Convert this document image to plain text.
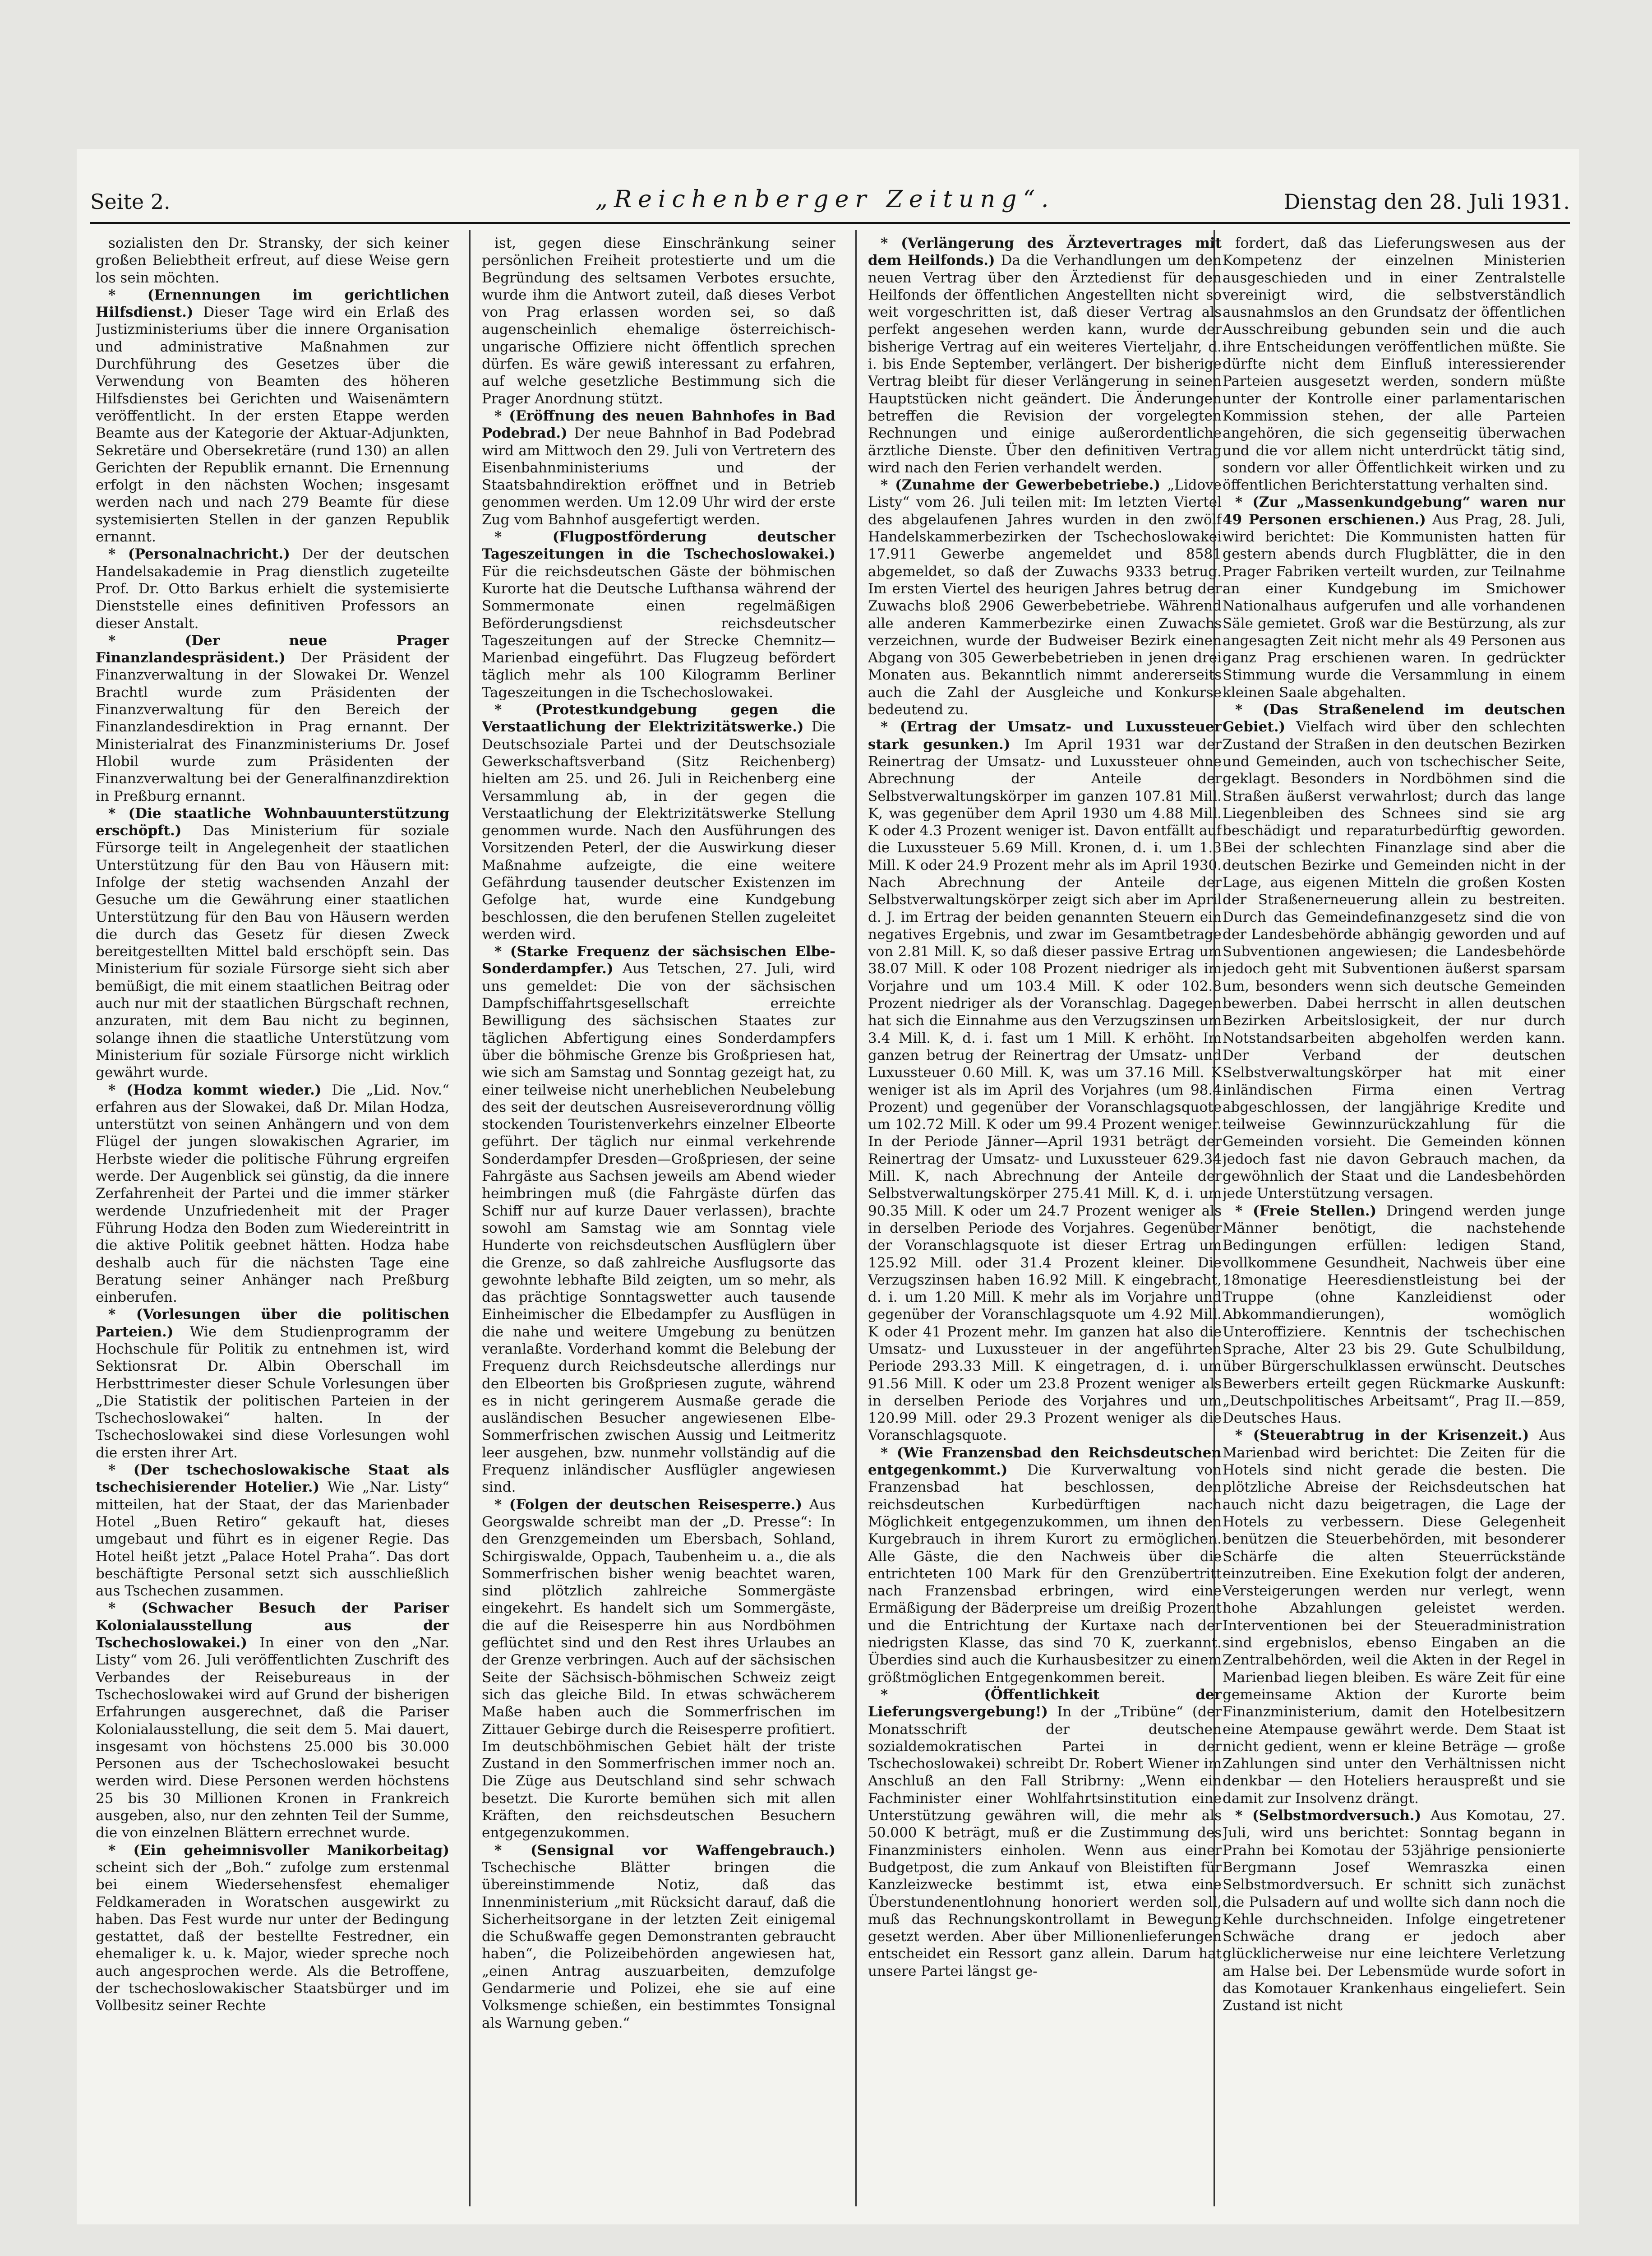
Seite 2.	„Reichenberger Zeitung“.	Dienstag den 28. Juli 1931.

sozialisten den Dr. Stransky, der sich keiner großen Beliebtheit erfreut, auf diese Weise gern los sein möchten.

* (Ernennungen im gerichtlichen Hilfsdienst.) Dieser Tage wird ein Erlaß des Justizministeriums über die innere Organisation und administrative Maßnahmen zur Durchführung des Gesetzes über die Verwendung von Beamten des höheren Hilfsdienstes bei Gerichten und Waisenämtern veröffentlicht. In der ersten Etappe werden Beamte aus der Kategorie der Aktuar-Adjunkten, Sekretäre und Obersekretäre (rund 130) an allen Gerichten der Republik ernannt. Die Ernennung erfolgt in den nächsten Wochen; insgesamt werden nach und nach 279 Beamte für diese systemisierten Stellen in der ganzen Republik ernannt.

* (Personalnachricht.) Der der deutschen Handelsakademie in Prag dienstlich zugeteilte Prof. Dr. Otto Barkus erhielt die systemisierte Dienststelle eines definitiven Professors an dieser Anstalt.

* (Der neue Prager Finanzlandespräsident.) Der Präsident der Finanzverwaltung in der Slowakei Dr. Wenzel Brachtl wurde zum Präsidenten der Finanzverwaltung für den Bereich der Finanzlandesdirektion in Prag ernannt. Der Ministerialrat des Finanzministeriums Dr. Josef Hlobil wurde zum Präsidenten der Finanzverwaltung bei der Generalfinanzdirektion in Preßburg ernannt.

* (Die staatliche Wohnbauunterstützung erschöpft.) Das Ministerium für soziale Fürsorge teilt in Angelegenheit der staatlichen Unterstützung für den Bau von Häusern mit: Infolge der stetig wachsenden Anzahl der Gesuche um die Gewährung einer staatlichen Unterstützung für den Bau von Häusern werden die durch das Gesetz für diesen Zweck bereitgestellten Mittel bald erschöpft sein. Das Ministerium für soziale Fürsorge sieht sich aber bemüßigt, die mit einem staatlichen Beitrag oder auch nur mit der staatlichen Bürgschaft rechnen, anzuraten, mit dem Bau nicht zu beginnen, solange ihnen die staatliche Unterstützung vom Ministerium für soziale Fürsorge nicht wirklich gewährt wurde.

* (Hodza kommt wieder.) Die „Lid. Nov.“ erfahren aus der Slowakei, daß Dr. Milan Hodza, unterstützt von seinen Anhängern und von dem Flügel der jungen slowakischen Agrarier, im Herbste wieder die politische Führung ergreifen werde. Der Augenblick sei günstig, da die innere Zerfahrenheit der Partei und die immer stärker werdende Unzufriedenheit mit der Prager Führung Hodza den Boden zum Wiedereintritt in die aktive Politik geebnet hätten. Hodza habe deshalb auch für die nächsten Tage eine Beratung seiner Anhänger nach Preßburg einberufen.

* (Vorlesungen über die politischen Parteien.) Wie dem Studienprogramm der Hochschule für Politik zu entnehmen ist, wird Sektionsrat Dr. Albin Oberschall im Herbsttrimester dieser Schule Vorlesungen über „Die Statistik der politischen Parteien in der Tschechoslowakei“ halten. In der Tschechoslowakei sind diese Vorlesungen wohl die ersten ihrer Art.

* (Der tschechoslowakische Staat als tschechisierender Hotelier.) Wie „Nar. Listy“ mitteilen, hat der Staat, der das Marienbader Hotel „Buen Retiro“ gekauft hat, dieses umgebaut und führt es in eigener Regie. Das Hotel heißt jetzt „Palace Hotel Praha“. Das dort beschäftigte Personal setzt sich ausschließlich aus Tschechen zusammen.

* (Schwacher Besuch der Pariser Kolonialausstellung aus der Tschechoslowakei.) In einer von den „Nar. Listy“ vom 26. Juli veröffentlichten Zuschrift des Verbandes der Reisebureaus in der Tschechoslowakei wird auf Grund der bisherigen Erfahrungen ausgerechnet, daß die Pariser Kolonialausstellung, die seit dem 5. Mai dauert, insgesamt von höchstens 25.000 bis 30.000 Personen aus der Tschechoslowakei besucht werden wird. Diese Personen werden höchstens 25 bis 30 Millionen Kronen in Frankreich ausgeben, also, nur den zehnten Teil der Summe, die von einzelnen Blättern errechnet wurde.

* (Ein geheimnisvoller Manikorbeitag) scheint sich der „Boh.“ zufolge zum erstenmal bei einem Wiedersehensfest ehemaliger Feldkameraden in Woratschen ausgewirkt zu haben. Das Fest wurde nur unter der Bedingung gestattet, daß der bestellte Festredner, ein ehemaliger k. u. k. Major, wieder spreche noch auch angesprochen werde. Als die Betroffene, der tschechoslowakischer Staatsbürger und im Vollbesitz seiner Rechte

ist, gegen diese Einschränkung seiner persönlichen Freiheit protestierte und um die Begründung des seltsamen Verbotes ersuchte, wurde ihm die Antwort zuteil, daß dieses Verbot von Prag erlassen worden sei, so daß augenscheinlich ehemalige österreichisch-ungarische Offiziere nicht öffentlich sprechen dürfen. Es wäre gewiß interessant zu erfahren, auf welche gesetzliche Bestimmung sich die Prager Anordnung stützt.

* (Eröffnung des neuen Bahnhofes in Bad Podebrad.) Der neue Bahnhof in Bad Podebrad wird am Mittwoch den 29. Juli von Vertretern des Eisenbahnministeriums und der Staatsbahndirektion eröffnet und in Betrieb genommen werden. Um 12.09 Uhr wird der erste Zug vom Bahnhof ausgefertigt werden.

* (Flugpostförderung deutscher Tageszeitungen in die Tschechoslowakei.) Für die reichsdeutschen Gäste der böhmischen Kurorte hat die Deutsche Lufthansa während der Sommermonate einen regelmäßigen Beförderungsdienst reichsdeutscher Tageszeitungen auf der Strecke Chemnitz—Marienbad eingeführt. Das Flugzeug befördert täglich mehr als 100 Kilogramm Berliner Tageszeitungen in die Tschechoslowakei.

* (Protestkundgebung gegen die Verstaatlichung der Elektrizitätswerke.) Die Deutschsoziale Partei und der Deutschsoziale Gewerkschaftsverband (Sitz Reichenberg) hielten am 25. und 26. Juli in Reichenberg eine Versammlung ab, in der gegen die Verstaatlichung der Elektrizitätswerke Stellung genommen wurde. Nach den Ausführungen des Vorsitzenden Peterl, der die Auswirkung dieser Maßnahme aufzeigte, die eine weitere Gefährdung tausender deutscher Existenzen im Gefolge hat, wurde eine Kundgebung beschlossen, die den berufenen Stellen zugeleitet werden wird.

* (Starke Frequenz der sächsischen Elbe-Sonderdampfer.) Aus Tetschen, 27. Juli, wird uns gemeldet: Die von der sächsischen Dampfschiffahrtsgesellschaft erreichte Bewilligung des sächsischen Staates zur täglichen Abfertigung eines Sonderdampfers über die böhmische Grenze bis Großpriesen hat, wie sich am Samstag und Sonntag gezeigt hat, zu einer teilweise nicht unerheblichen Neubelebung des seit der deutschen Ausreiseverordnung völlig stockenden Touristenverkehrs einzelner Elbeorte geführt. Der täglich nur einmal verkehrende Sonderdampfer Dresden—Großpriesen, der seine Fahrgäste aus Sachsen jeweils am Abend wieder heimbringen muß (die Fahrgäste dürfen das Schiff nur auf kurze Dauer verlassen), brachte sowohl am Samstag wie am Sonntag viele Hunderte von reichsdeutschen Ausflüglern über die Grenze, so daß zahlreiche Ausflugsorte das gewohnte lebhafte Bild zeigten, um so mehr, als das prächtige Sonntagswetter auch tausende Einheimischer die Elbedampfer zu Ausflügen in die nahe und weitere Umgebung zu benützen veranlaßte. Vorderhand kommt die Belebung der Frequenz durch Reichsdeutsche allerdings nur den Elbeorten bis Großpriesen zugute, während es in nicht geringerem Ausmaße gerade die ausländischen Besucher angewiesenen Elbe-Sommerfrischen zwischen Aussig und Leitmeritz leer ausgehen, bzw. nunmehr vollständig auf die Frequenz inländischer Ausflügler angewiesen sind.

* (Folgen der deutschen Reisesperre.) Aus Georgswalde schreibt man der „D. Presse“: In den Grenzgemeinden um Ebersbach, Sohland, Schirgiswalde, Oppach, Taubenheim u. a., die als Sommerfrischen bisher wenig beachtet waren, sind plötzlich zahlreiche Sommergäste eingekehrt. Es handelt sich um Sommergäste, die auf die Reisesperre hin aus Nordböhmen geflüchtet sind und den Rest ihres Urlaubes an der Grenze verbringen. Auch auf der sächsischen Seite der Sächsisch-böhmischen Schweiz zeigt sich das gleiche Bild. In etwas schwächerem Maße haben auch die Sommerfrischen im Zittauer Gebirge durch die Reisesperre profitiert. Im deutschböhmischen Gebiet hält der triste Zustand in den Sommerfrischen immer noch an. Die Züge aus Deutschland sind sehr schwach besetzt. Die Kurorte bemühen sich mit allen Kräften, den reichsdeutschen Besuchern entgegenzukommen.

* (Sensignal vor Waffengebrauch.) Tschechische Blätter bringen die übereinstimmende Notiz, daß das Innenministerium „mit Rücksicht darauf, daß die Sicherheitsorgane in der letzten Zeit einigemal die Schußwaffe gegen Demonstranten gebraucht haben“, die Polizeibehörden angewiesen hat, „einen Antrag auszuarbeiten, demzufolge Gendarmerie und Polizei, ehe sie auf eine Volksmenge schießen, ein bestimmtes Tonsignal als Warnung geben.“

* (Verlängerung des Ärztevertrages mit dem Heilfonds.) Da die Verhandlungen um den neuen Vertrag über den Ärztedienst für den Heilfonds der öffentlichen Angestellten nicht so weit vorgeschritten ist, daß dieser Vertrag als perfekt angesehen werden kann, wurde der bisherige Vertrag auf ein weiteres Vierteljahr, d. i. bis Ende September, verlängert. Der bisherige Vertrag bleibt für dieser Verlängerung in seinen Hauptstücken nicht geändert. Die Änderungen betreffen die Revision der vorgelegten Rechnungen und einige außerordentliche ärztliche Dienste. Über den definitiven Vertrag wird nach den Ferien verhandelt werden.

* (Zunahme der Gewerbebetriebe.) „Lidove Listy“ vom 26. Juli teilen mit: Im letzten Viertel des abgelaufenen Jahres wurden in den zwölf Handelskammerbezirken der Tschechoslowakei 17.911 Gewerbe angemeldet und 8581 abgemeldet, so daß der Zuwachs 9333 betrug. Im ersten Viertel des heurigen Jahres betrug der Zuwachs bloß 2906 Gewerbebetriebe. Während alle anderen Kammerbezirke einen Zuwachs verzeichnen, wurde der Budweiser Bezirk einen Abgang von 305 Gewerbebetrieben in jenen drei Monaten aus. Bekanntlich nimmt andererseits auch die Zahl der Ausgleiche und Konkurse bedeutend zu.

* (Ertrag der Umsatz- und Luxussteuer stark gesunken.) Im April 1931 war der Reinertrag der Umsatz- und Luxussteuer ohne Abrechnung der Anteile der Selbstverwaltungskörper im ganzen 107.81 Mill. K, was gegenüber dem April 1930 um 4.88 Mill. K oder 4.3 Prozent weniger ist. Davon entfällt auf die Luxussteuer 5.69 Mill. Kronen, d. i. um 1.3 Mill. K oder 24.9 Prozent mehr als im April 1930. Nach Abrechnung der Anteile der Selbstverwaltungskörper zeigt sich aber im April d. J. im Ertrag der beiden genannten Steuern ein negatives Ergebnis, und zwar im Gesamtbetrage von 2.81 Mill. K, so daß dieser passive Ertrag um 38.07 Mill. K oder 108 Prozent niedriger als im Vorjahre und um 103.4 Mill. K oder 102.8 Prozent niedriger als der Voranschlag. Dagegen hat sich die Einnahme aus den Verzugszinsen um 3.4 Mill. K, d. i. fast um 1 Mill. K erhöht. Im ganzen betrug der Reinertrag der Umsatz- und Luxussteuer 0.60 Mill. K, was um 37.16 Mill. K weniger ist als im April des Vorjahres (um 98.4 Prozent) und gegenüber der Voranschlagsquote um 102.72 Mill. K oder um 99.4 Prozent weniger. In der Periode Jänner—April 1931 beträgt der Reinertrag der Umsatz- und Luxussteuer 629.34 Mill. K, nach Abrechnung der Anteile der Selbstverwaltungskörper 275.41 Mill. K, d. i. um 90.35 Mill. K oder um 24.7 Prozent weniger als in derselben Periode des Vorjahres. Gegenüber der Voranschlagsquote ist dieser Ertrag um 125.92 Mill. oder 31.4 Prozent kleiner. Die Verzugszinsen haben 16.92 Mill. K eingebracht, d. i. um 1.20 Mill. K mehr als im Vorjahre und gegenüber der Voranschlagsquote um 4.92 Mill. K oder 41 Prozent mehr. Im ganzen hat also die Umsatz- und Luxussteuer in der angeführten Periode 293.33 Mill. K eingetragen, d. i. um 91.56 Mill. K oder um 23.8 Prozent weniger als in derselben Periode des Vorjahres und um 120.99 Mill. oder 29.3 Prozent weniger als die Voranschlagsquote.

* (Wie Franzensbad den Reichsdeutschen entgegenkommt.) Die Kurverwaltung von Franzensbad hat beschlossen, den reichsdeutschen Kurbedürftigen nach Möglichkeit entgegenzukommen, um ihnen den Kurgebrauch in ihrem Kurort zu ermöglichen. Alle Gäste, die den Nachweis über die entrichteten 100 Mark für den Grenzübertritt nach Franzensbad erbringen, wird eine Ermäßigung der Bäderpreise um dreißig Prozent und die Entrichtung der Kurtaxe nach der niedrigsten Klasse, das sind 70 K, zuerkannt. Überdies sind auch die Kurhausbesitzer zu einem größtmöglichen Entgegenkommen bereit.

* (Öffentlichkeit der Lieferungsvergebung!) In der „Tribüne“ (der Monatsschrift der deutschen sozialdemokratischen Partei in der Tschechoslowakei) schreibt Dr. Robert Wiener im Anschluß an den Fall Stribrny: „Wenn ein Fachminister einer Wohlfahrtsinstitution eine Unterstützung gewähren will, die mehr als 50.000 K beträgt, muß er die Zustimmung des Finanzministers einholen. Wenn aus einer Budgetpost, die zum Ankauf von Bleistiften für Kanzleizwecke bestimmt ist, etwa eine Überstundenentlohnung honoriert werden soll, muß das Rechnungskontrollamt in Bewegung gesetzt werden. Aber über Millionenlieferungen entscheidet ein Ressort ganz allein. Darum hat unsere Partei längst ge-

fordert, daß das Lieferungswesen aus der Kompetenz der einzelnen Ministerien ausgeschieden und in einer Zentralstelle vereinigt wird, die selbstverständlich ausnahmslos an den Grundsatz der öffentlichen Ausschreibung gebunden sein und die auch ihre Entscheidungen veröffentlichen müßte. Sie dürfte nicht dem Einfluß interessierender Parteien ausgesetzt werden, sondern müßte unter der Kontrolle einer parlamentarischen Kommission stehen, der alle Parteien angehören, die sich gegenseitig überwachen und die vor allem nicht unterdrückt tätig sind, sondern vor aller Öffentlichkeit wirken und zu öffentlichen Berichterstattung verhalten sind.

* (Zur „Massenkundgebung“ waren nur 49 Personen erschienen.) Aus Prag, 28. Juli, wird berichtet: Die Kommunisten hatten für gestern abends durch Flugblätter, die in den Prager Fabriken verteilt wurden, zur Teilnahme an einer Kundgebung im Smichower Nationalhaus aufgerufen und alle vorhandenen Säle gemietet. Groß war die Bestürzung, als zur angesagten Zeit nicht mehr als 49 Personen aus ganz Prag erschienen waren. In gedrückter Stimmung wurde die Versammlung in einem kleinen Saale abgehalten.

* (Das Straßenelend im deutschen Gebiet.) Vielfach wird über den schlechten Zustand der Straßen in den deutschen Bezirken und Gemeinden, auch von tschechischer Seite, geklagt. Besonders in Nordböhmen sind die Straßen äußerst verwahrlost; durch das lange Liegenbleiben des Schnees sind sie arg beschädigt und reparaturbedürftig geworden. Bei der schlechten Finanzlage sind aber die deutschen Bezirke und Gemeinden nicht in der Lage, aus eigenen Mitteln die großen Kosten der Straßenerneuerung allein zu bestreiten. Durch das Gemeindefinanzgesetz sind die von der Landesbehörde abhängig geworden und auf Subventionen angewiesen; die Landesbehörde jedoch geht mit Subventionen äußerst sparsam um, besonders wenn sich deutsche Gemeinden bewerben. Dabei herrscht in allen deutschen Bezirken Arbeitslosigkeit, der nur durch Notstandsarbeiten abgeholfen werden kann. Der Verband der deutschen Selbstverwaltungskörper hat mit einer inländischen Firma einen Vertrag abgeschlossen, der langjährige Kredite und teilweise Gewinnzurückzahlung für die Gemeinden vorsieht. Die Gemeinden können jedoch fast nie davon Gebrauch machen, da gewöhnlich der Staat und die Landesbehörden jede Unterstützung versagen.

* (Freie Stellen.) Dringend werden junge Männer benötigt, die nachstehende Bedingungen erfüllen: ledigen Stand, vollkommene Gesundheit, Nachweis über eine 18monatige Heeresdienstleistung bei der Truppe (ohne Kanzleidienst oder Abkommandierungen), womöglich Unteroffiziere. Kenntnis der tschechischen Sprache, Alter 23 bis 29. Gute Schulbildung, über Bürgerschulklassen erwünscht. Deutsches Bewerbers erteilt gegen Rückmarke Auskunft: „Deutschpolitisches Arbeitsamt“, Prag II.—859, Deutsches Haus.

* (Steuerabtrug in der Krisenzeit.) Aus Marienbad wird berichtet: Die Zeiten für die Hotels sind nicht gerade die besten. Die plötzliche Abreise der Reichsdeutschen hat auch nicht dazu beigetragen, die Lage der Hotels zu verbessern. Diese Gelegenheit benützen die Steuerbehörden, mit besonderer Schärfe die alten Steuerrückstände einzutreiben. Eine Exekution folgt der anderen, Versteigerungen werden nur verlegt, wenn hohe Abzahlungen geleistet werden. Interventionen bei der Steueradministration sind ergebnislos, ebenso Eingaben an die Zentralbehörden, weil die Akten in der Regel in Marienbad liegen bleiben. Es wäre Zeit für eine gemeinsame Aktion der Kurorte beim Finanzministerium, damit den Hotelbesitzern eine Atempause gewährt werde. Dem Staat ist nicht gedient, wenn er kleine Beträge — große Zahlungen sind unter den Verhältnissen nicht denkbar — den Hoteliers herauspreßt und sie damit zur Insolvenz drängt.

* (Selbstmordversuch.) Aus Komotau, 27. Juli, wird uns berichtet: Sonntag begann in Prahn bei Komotau der 53jährige pensionierte Bergmann Josef Wemraszka einen Selbstmordversuch. Er schnitt sich zunächst die Pulsadern auf und wollte sich dann noch die Kehle durchschneiden. Infolge eingetretener Schwäche drang er jedoch aber glücklicherweise nur eine leichtere Verletzung am Halse bei. Der Lebensmüde wurde sofort in das Komotauer Krankenhaus eingeliefert. Sein Zustand ist nicht
